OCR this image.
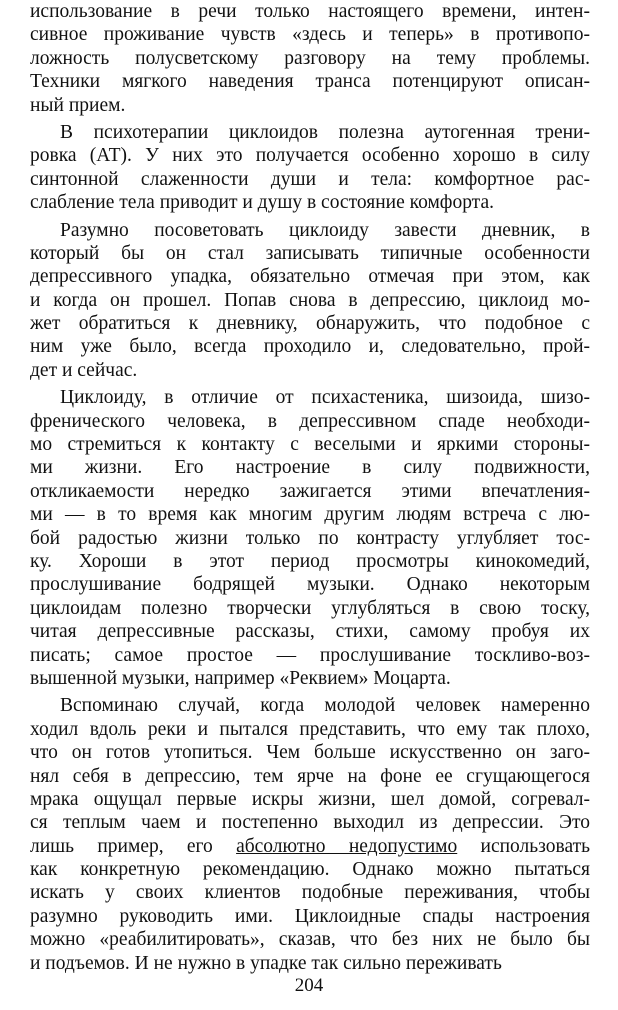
использование в речи только настоящего времени, интен-
сивное проживание чувств «здесь и теперь» в противопо-
ложность полусветскому разговору на тему проблемы.
Техники мягкого наведения транса потенцируют описан-
ный прием.
В психотерапии циклоидов полезна аутогенная трени-
ровка (АТ). У них это получается особенно хорошо в силу
синтонной слаженности души и тела: комфортное рас-
слабление тела приводит и душу в состояние комфорта.
Разумно посоветовать циклоиду завести дневник, в
который бы он стал записывать типичные особенности
депрессивного упадка, обязательно отмечая при этом, как
и когда он прошел. Попав снова в депрессию, циклоид мо-
жет обратиться к дневнику, обнаружить, что подобное с
ним уже было, всегда проходило и, следовательно, прой-
дет и сейчас.
Циклоиду, в отличие от психастеника, шизоида, шизо-
френического человека, в депрессивном спаде необходи-
мо стремиться к контакту с веселыми и яркими стороны-
ми жизни. Его настроение в силу подвижности,
откликаемости нередко зажигается этими впечатления-
ми — в то время как многим другим людям встреча с лю-
бой радостью жизни только по контрасту углубляет тос-
ку. Хороши в этот период просмотры кинокомедий,
прослушивание бодрящей музыки. Однако некоторым
циклоидам полезно творчески углубляться в свою тоску,
читая депрессивные рассказы, стихи, самому пробуя их
писать; самое простое — прослушивание тоскливо-воз-
вышенной музыки, например «Реквием» Моцарта.
Вспоминаю случай, когда молодой человек намеренно
ходил вдоль реки и пытался представить, что ему так плохо,
что он готов утопиться. Чем больше искусственно он заго-
нял себя в депрессию, тем ярче на фоне ее сгущающегося
мрака ощущал первые искры жизни, шел домой, согревал-
ся теплым чаем и постепенно выходил из депрессии. Это
лишь пример, его абсолютно недопустимо использовать
как конкретную рекомендацию. Однако можно пытаться
искать у своих клиентов подобные переживания, чтобы
разумно руководить ими. Циклоидные спады настроения
можно «реабилитировать», сказав, что без них не было бы
и подъемов. И не нужно в упадке так сильно переживать
204
